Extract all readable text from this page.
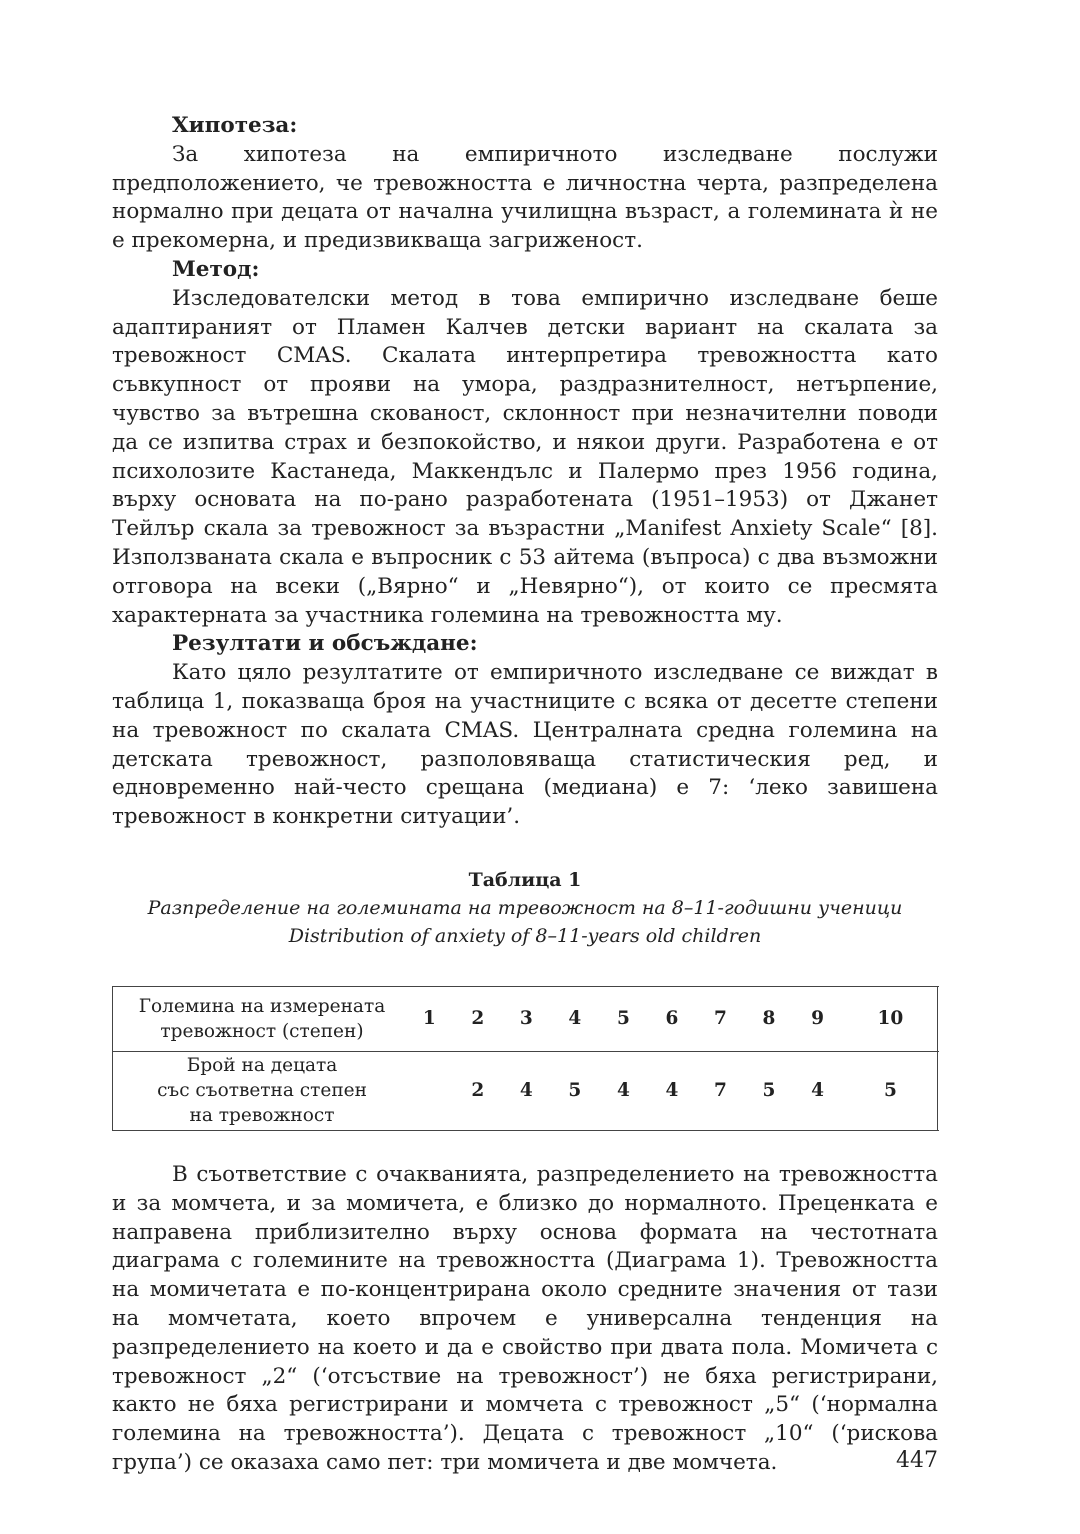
Хипотеза:

За хипотеза на емпиричното изследване послужи предположението, че тревожността е личностна черта, разпределена нормално при децата от начална училищна възраст, а големината ѝ не е прекомерна, и предизвикваща загриженост.

Метод:

Изследователски метод в това емпирично изследване беше адаптираният от Пламен Калчев детски вариант на скалата за тревожност CMAS. Скалата интерпретира тревожността като съвкупност от прояви на умора, раздразнителност, нетърпение, чувство за вътрешна скованост, склонност при незначителни поводи да се изпитва страх и безпокойство, и някои други. Разработена е от психолозите Кастанеда, Маккендълс и Палермо през 1956 година, върху основата на по-рано разработената (1951–1953) от Джанет Тейлър скала за тревожност за възрастни „Manifest Anxiety Scale“ [8]. Използваната скала е въпросник с 53 айтема (въпроса) с два възможни отговора на всеки („Вярно“ и „Невярно“), от които се пресмята характерната за участника големина на тревожността му.

Резултати и обсъждане:

Като цяло резултатите от емпиричното изследване се виждат в таблица 1, показваща броя на участниците с всяка от десетте степени на тревожност по скалата CMAS. Централната средна големина на детската тревожност, разполовяваща статистическия ред, и едновременно най-често срещана (медиана) е 7: ‘леко завишена тревожност в конкретни ситуации’.

Таблица 1
Разпределение на големината на тревожност на 8–11-годишни ученици
Distribution of anxiety of 8–11-years old children
Големина на измерената
тревожност (степен)	1	2	3	4	5	6	7	8	9	10

Брой на децата
със съответна степен
на тревожност		2	4	5	4	4	7	5	4	5

В съответствие с очакванията, разпределението на тревожността и за момчета, и за момичета, е близко до нормалното. Преценката е направена приблизително върху основа формата на честотната диаграма с големините на тревожността (Диаграма 1). Тревожността на момичетата е по-концентрирана около средните значения от тази на момчетата, което впрочем е универсална тенденция на разпределението на което и да е свойство при двата пола. Момичета с тревожност „2“ (‘отсъствие на тревожност’) не бяха регистрирани, както не бяха регистрирани и момчета с тревожност „5“ (‘нормална големина на тревожността’). Децата с тревожност „10“ (‘рискова група’) се оказаха само пет: три момичета и две момчета.	447
